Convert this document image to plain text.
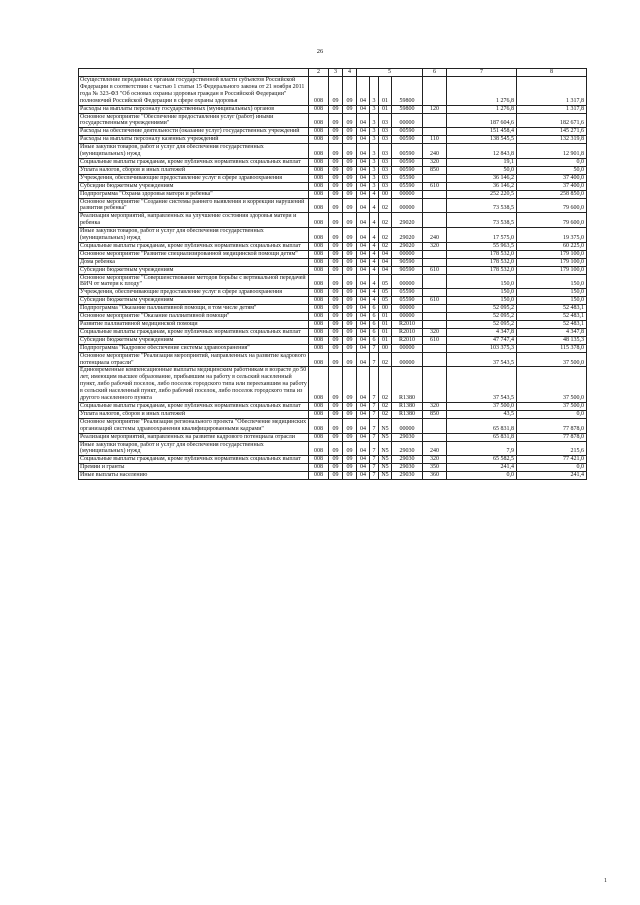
26
1	2	3	4	5				6	7	8
Осуществление переданных органам государственной власти субъектов Российской Федерации в соответствии с частью 1 статьи 15 Федерального закона от 21 ноября 2011 года № 323-ФЗ "Об основах охраны здоровья граждан в Российской Федерации" полномочий Российской Федерации в сфере охраны здоровья	008	09	09	04	3	01	59800		1 276,8	1 317,8
Расходы на выплаты персоналу государственных (муниципальных) органов	008	09	09	04	3	01	59800	120	1 276,8	1 317,8
Основное мероприятие "Обеспечение предоставления услуг (работ) иными государственными учреждениями"	008	09	09	04	3	03	00000		187 604,6	182 671,6
Расходы на обеспечение деятельности (оказание услуг) государственных учреждений	008	09	09	04	3	03	00590		151 458,4	145 271,6
Расходы на выплаты персоналу казенных учреждений	008	09	09	04	3	03	00590	110	138 545,5	132 319,8
Иные закупки товаров, работ и услуг для обеспечения государственных (муниципальных) нужд	008	09	09	04	3	03	00590	240	12 843,8	12 901,8
Социальные выплаты гражданам, кроме публичных нормативных социальных выплат	008	09	09	04	3	03	00590	320	19,1	0,0
Уплата налогов, сборов и иных платежей	008	09	09	04	3	03	00590	850	50,0	50,0
Учреждения, обеспечивающие предоставление услуг в сфере здравоохранения	008	09	09	04	3	03	05590		36 146,2	37 400,0
Субсидии бюджетным учреждениям	008	09	09	04	3	03	05590	610	36 146,2	37 400,0
Подпрограмма "Охрана здоровья матери и ребенка"	008	09	09	04	4	00	00000		252 220,5	258 850,0
Основное мероприятие "Создание системы раннего выявления и коррекции нарушений развития ребенка"	008	09	09	04	4	02	00000		73 538,5	79 600,0
Реализация мероприятий, направленных на улучшение состояния здоровья матери и ребенка	008	09	09	04	4	02	29020		73 538,5	79 600,0
Иные закупки товаров, работ и услуг для обеспечения государственных (муниципальных) нужд	008	09	09	04	4	02	29020	240	17 575,0	19 375,0
Социальные выплаты гражданам, кроме публичных нормативных социальных выплат	008	09	09	04	4	02	29020	320	55 963,5	60 225,0
Основное мероприятие "Развитие специализированной медицинской помощи детям"	008	09	09	04	4	04	00000		178 532,0	179 100,0
Дома ребенка	008	09	09	04	4	04	90590		178 532,0	179 100,0
Субсидии бюджетным учреждениям	008	09	09	04	4	04	90590	610	178 532,0	179 100,0
Основное мероприятие "Совершенствование методов борьбы с вертикальной передачей ВИЧ от матери к плоду"	008	09	09	04	4	05	00000		150,0	150,0
Учреждения, обеспечивающие предоставление услуг в сфере здравоохранения	008	09	09	04	4	05	05590		150,0	150,0
Субсидии бюджетным учреждениям	008	09	09	04	4	05	05590	610	150,0	150,0
Подпрограмма "Оказание паллиативной помощи, в том числе детям"	008	09	09	04	6	00	00000		52 095,2	52 483,1
Основное мероприятие "Оказание паллиативной помощи"	008	09	09	04	6	01	00000		52 095,2	52 483,1
Развитие паллиативной медицинской помощи	008	09	09	04	6	01	R2010		52 095,2	52 483,1
Социальные выплаты гражданам, кроме публичных нормативных социальных выплат	008	09	09	04	6	01	R2010	320	4 347,8	4 347,8
Субсидии бюджетным учреждениям	008	09	09	04	6	01	R2010	610	47 747,4	48 135,3
Подпрограмма "Кадровое обеспечение системы здравоохранения"	008	09	09	04	7	00	00000		103 375,3	115 378,0
Основное мероприятие "Реализация мероприятий, направленных на развитие кадрового потенциала отрасли"	008	09	09	04	7	02	00000		37 543,5	37 500,0
Единовременные компенсационные выплаты медицинским работникам в возрасте до 50 лет, имеющим высшее образование, прибывшим на работу в сельский населенный пункт, либо рабочий поселок, либо поселок городского типа или переехавшим на работу в сельский населенный пункт, либо рабочий поселок, либо поселок городского типа из другого населенного пункта	008	09	09	04	7	02	R1380		37 543,5	37 500,0
Социальные выплаты гражданам, кроме публичных нормативных социальных выплат	008	09	09	04	7	02	R1380	320	37 500,0	37 500,0
Уплата налогов, сборов и иных платежей	008	09	09	04	7	02	R1380	850	43,5	0,0
Основное мероприятие "Реализация регионального проекта "Обеспечение медицинских организаций системы здравоохранения квалифицированными кадрами"	008	09	09	04	7	N5	00000		65 831,8	77 878,0
Реализация мероприятий, направленных на развитие кадрового потенциала отрасли	008	09	09	04	7	N5	29030		65 831,8	77 878,0
Иные закупки товаров, работ и услуг для обеспечения государственных (муниципальных) нужд	008	09	09	04	7	N5	29030	240	7,9	215,6
Социальные выплаты гражданам, кроме публичных нормативных социальных выплат	008	09	09	04	7	N5	29030	320	65 582,5	77 421,0
Премии и гранты	008	09	09	04	7	N5	29030	350	241,4	0,0
Иные выплаты населению	008	09	09	04	7	N5	29030	360	0,0	241,4
1
